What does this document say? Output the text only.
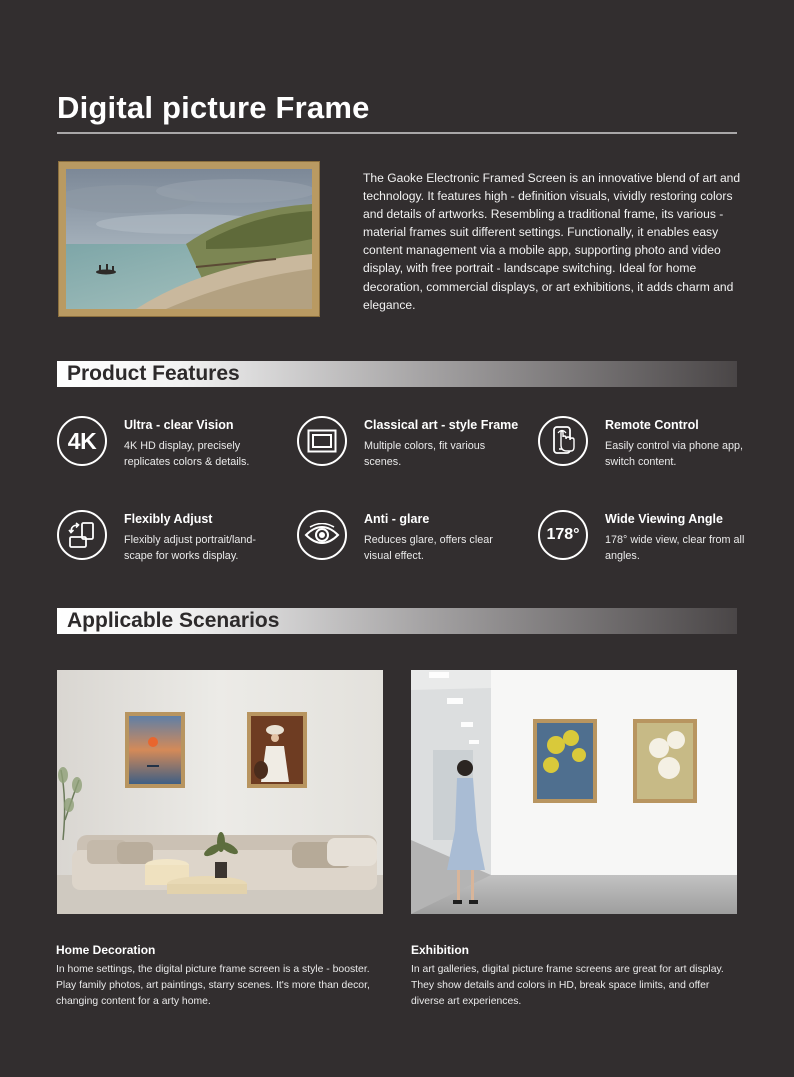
Digital picture Frame
The Gaoke Electronic Framed Screen is an innovative blend of art and technology. It features high - definition visuals, vividly restoring colors and details of artworks. Resembling a traditional frame, its various - material frames suit different settings. Functionally, it enables easy content management via a mobile app, supporting photo and video display, with free portrait - landscape switching. Ideal for home decoration, commercial displays, or art exhibitions, it adds charm and elegance.
Product Features
4K
Ultra - clear Vision
4K HD display, precisely replicates colors & details.
Classical art - style Frame
Multiple colors, fit various scenes.
Remote Control
Easily control via phone app, switch content.
Flexibly Adjust
Flexibly adjust portrait/land-scape for works display.
Anti - glare
Reduces glare, offers clear visual effect.
178°
Wide Viewing Angle
178° wide view, clear from all angles.
Applicable Scenarios
Home Decoration
In home settings, the digital picture frame screen is a style - booster. Play family photos, art paintings, starry scenes. It's more than decor, changing content for a arty home.
Exhibition
In art galleries, digital picture frame screens are great for art display. They show details and colors in HD, break space limits, and offer diverse art experiences.
